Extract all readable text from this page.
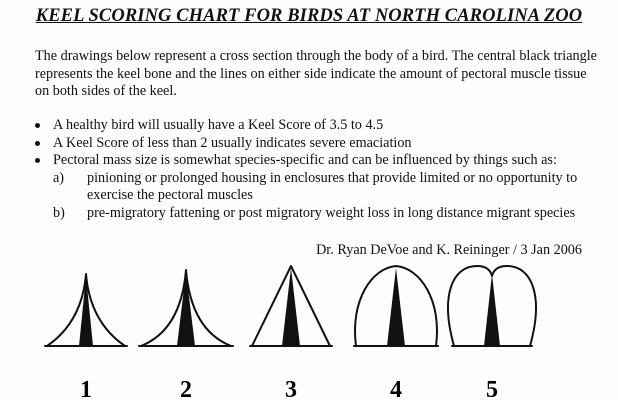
KEEL SCORING CHART FOR BIRDS AT NORTH CAROLINA ZOO

The drawings below represent a cross section through the body of a bird. The central black triangle represents the keel bone and the lines on either side indicate the amount of pectoral muscle tissue on both sides of the keel.

A healthy bird will usually have a Keel Score of 3.5 to 4.5
A Keel Score of less than 2 usually indicates severe emaciation
Pectoral mass size is somewhat species-specific and can be influenced by things such as:
a) pinioning or prolonged housing in enclosures that provide limited or no opportunity to exercise the pectoral muscles
b) pre-migratory fattening or post migratory weight loss in long distance migrant species
Dr. Ryan DeVoe and K. Reininger / 3 Jan 2006
1	2	3	4	5
